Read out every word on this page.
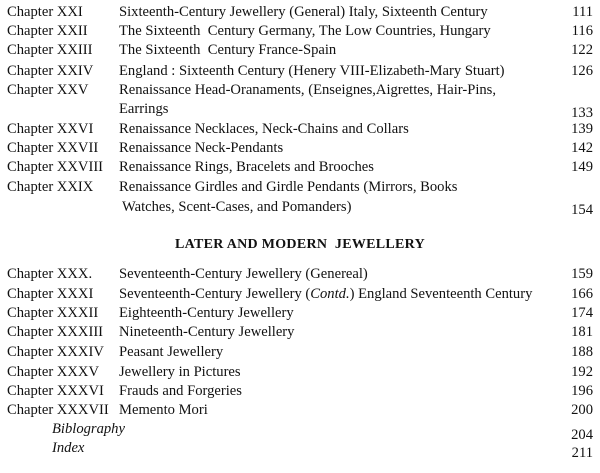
Chapter XXI Sixteenth-Century Jewellery (General) Italy, Sixteenth Century	111
Chapter XXII The Sixteenth  Century Germany, The Low Countries, Hungary	116
Chapter XXIII The Sixteenth  Century France-Spain	122
Chapter XXIV England : Sixteenth Century (Henery VIII-Elizabeth-Mary Stuart)	126
Chapter XXV Renaissance Head-Oranaments, (Enseignes,Aigrettes, Hair-Pins,
Earrings	133
Chapter XXVI Renaissance Necklaces, Neck-Chains and Collars	139
Chapter XXVII Renaissance Neck-Pendants	142
Chapter XXVIII Renaissance Rings, Bracelets and Brooches	149
Chapter XXIX Renaissance Girdles and Girdle Pendants (Mirrors, Books
Watches, Scent-Cases, and Pomanders)	154
LATER AND MODERN  JEWELLERY
Chapter XXX. Seventeenth-Century Jewellery (Genereal)	159
Chapter XXXI Seventeenth-Century Jewellery (Contd.) England Seventeenth Century	166
Chapter XXXII Eighteenth-Century Jewellery	174
Chapter XXXIII Nineteenth-Century Jewellery	181
Chapter XXXIV Peasant Jewellery	188
Chapter XXXV Jewellery in Pictures	192
Chapter XXXVI Frauds and Forgeries	196
Chapter XXXVII Memento Mori	200
Biblography	204
Index	211
